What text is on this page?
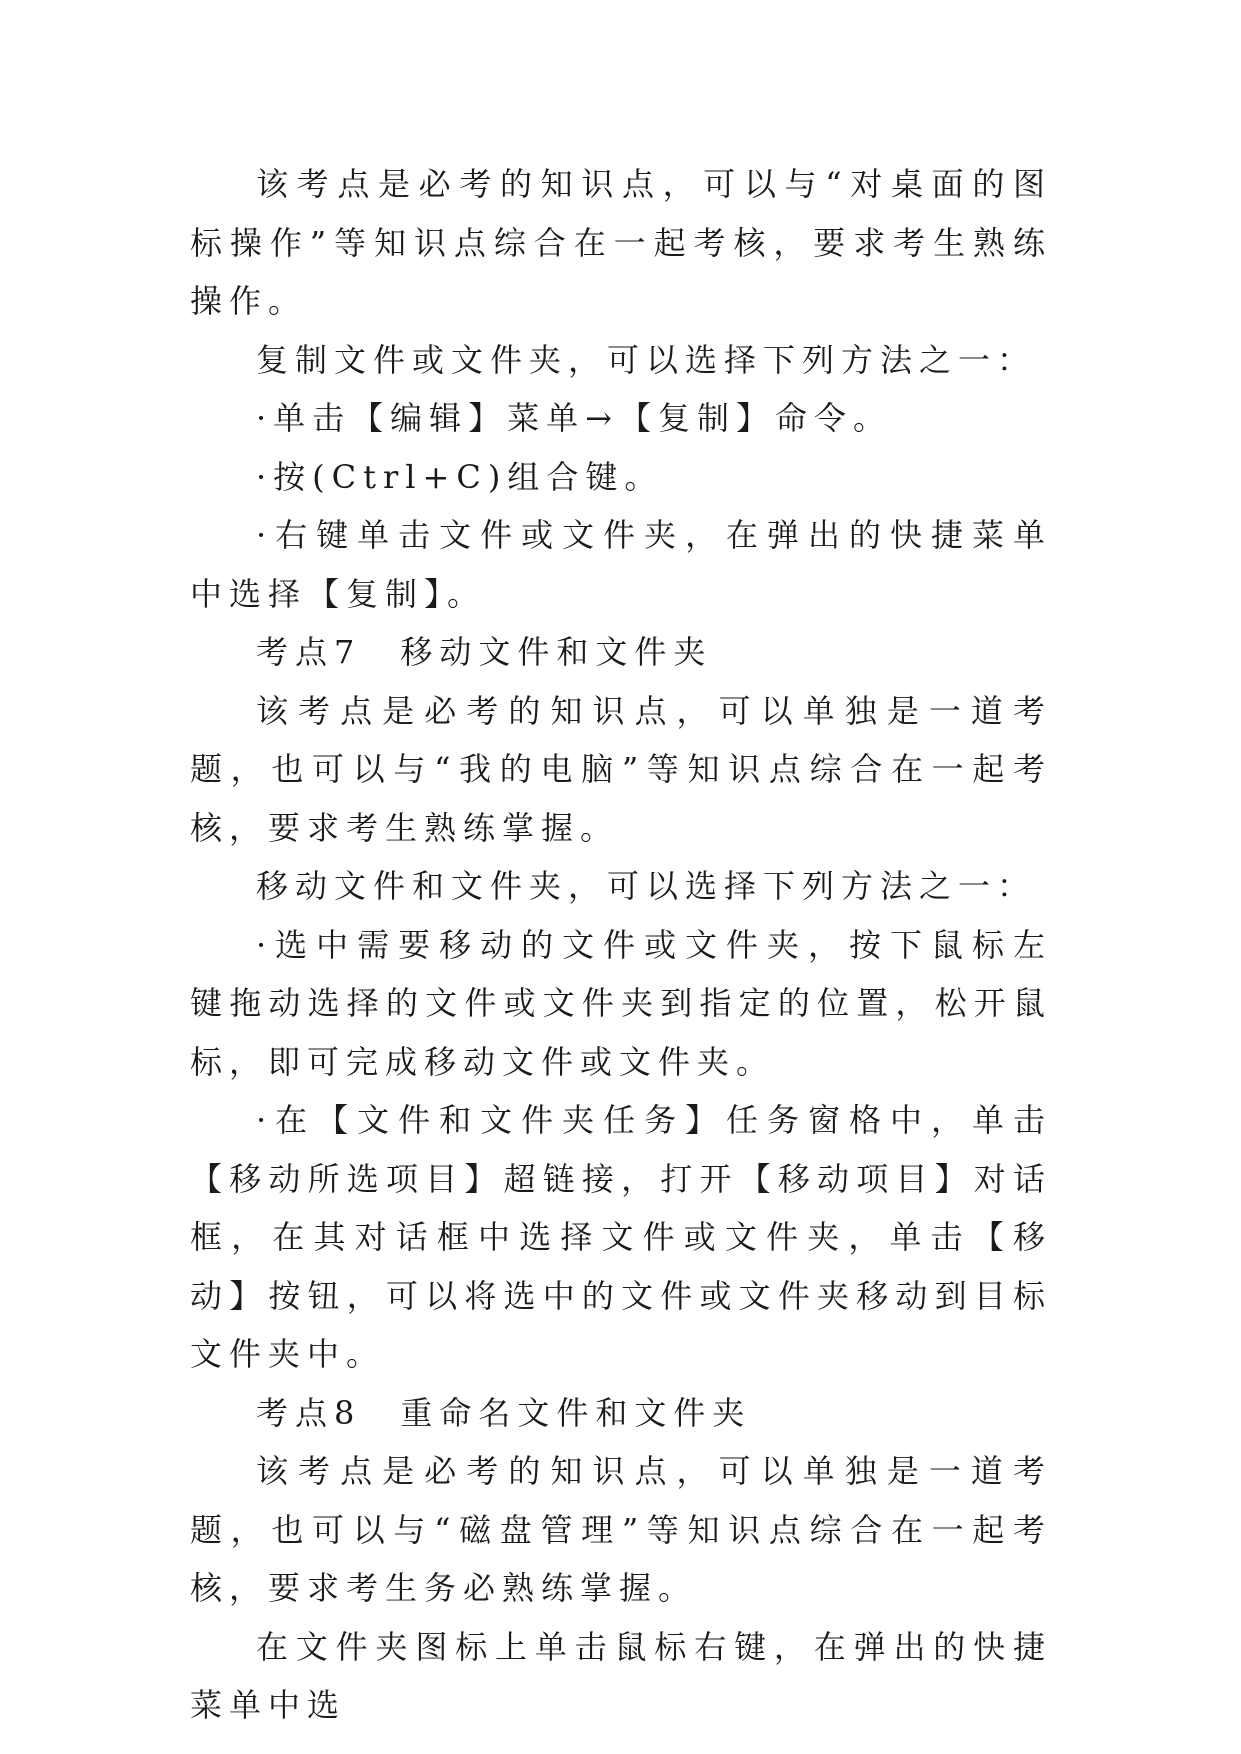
该考点是必考的知识点，可以与“对桌面的图标操作”等知识点综合在一起考核，要求考生熟练操作。

复制文件或文件夹，可以选择下列方法之一：

·单击【编辑】菜单→【复制】命令。

·按(Ctrl+C)组合键。

·右键单击文件或文件夹，在弹出的快捷菜单中选择【复制】。

考点7　移动文件和文件夹

该考点是必考的知识点，可以单独是一道考题，也可以与“我的电脑”等知识点综合在一起考核，要求考生熟练掌握。

移动文件和文件夹，可以选择下列方法之一：

·选中需要移动的文件或文件夹，按下鼠标左键拖动选择的文件或文件夹到指定的位置，松开鼠标，即可完成移动文件或文件夹。

·在【文件和文件夹任务】任务窗格中，单击【移动所选项目】超链接，打开【移动项目】对话框，在其对话框中选择文件或文件夹，单击【移动】按钮，可以将选中的文件或文件夹移动到目标文件夹中。

考点8　重命名文件和文件夹

该考点是必考的知识点，可以单独是一道考题，也可以与“磁盘管理”等知识点综合在一起考核，要求考生务必熟练掌握。

在文件夹图标上单击鼠标右键，在弹出的快捷菜单中选
